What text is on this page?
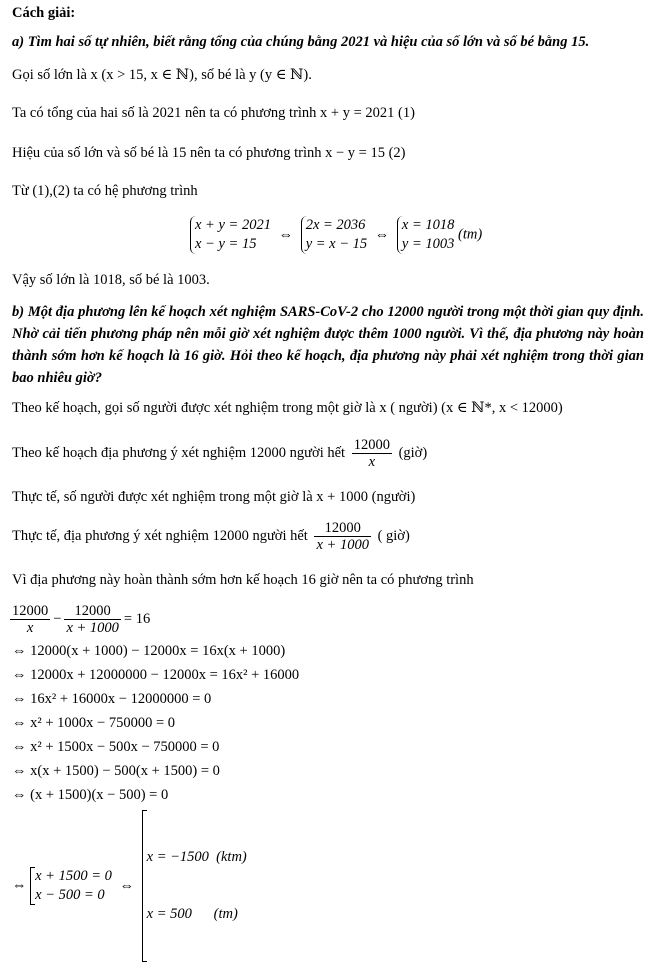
Cách giải:
a) Tìm hai số tự nhiên, biết rằng tổng của chúng bằng 2021 và hiệu của số lớn và số bé bằng 15.
Gọi số lớn là x (x > 15, x ∈ ℕ), số bé là y (y ∈ ℕ).
Ta có tổng của hai số là 2021 nên ta có phương trình x + y = 2021 (1)
Hiệu của số lớn và số bé là 15 nên ta có phương trình x − y = 15 (2)
Từ (1),(2) ta có hệ phương trình
x + y = 2021
x − y = 15
⇔
2x = 2036
y = x − 15
⇔
x = 1018
y = 1003
(tm)
Vậy số lớn là 1018, số bé là 1003.
b) Một địa phương lên kế hoạch xét nghiệm SARS-CoV-2 cho 12000 người trong một thời gian quy định. Nhờ cải tiến phương pháp nên mỗi giờ xét nghiệm được thêm 1000 người. Vì thế, địa phương này hoàn thành sớm hơn kế hoạch là 16 giờ. Hỏi theo kế hoạch, địa phương này phải xét nghiệm trong thời gian bao nhiêu giờ?
Theo kế hoạch, gọi số người được xét nghiệm trong một giờ là x ( người) (x ∈ ℕ*, x < 12000)
Theo kế hoạch địa phương ý xét nghiệm 12000 người hết $\frac{12000}{x}$ (giờ)
Thực tế, số người được xét nghiệm trong một giờ là x + 1000 (người)
Thực tế, địa phương ý xét nghiệm 12000 người hết $\frac{12000}{x + 1000}$ ( giờ)
Vì địa phương này hoàn thành sớm hơn kế hoạch 16 giờ nên ta có phương trình
$\frac{12000}{x} - \frac{12000}{x + 1000} = 16$
⇔ 12000(x + 1000) − 12000x = 16x(x + 1000)
⇔ 12000x + 12000000 − 12000x = 16x² + 16000
⇔ 16x² + 16000x − 12000000 = 0
⇔ x² + 1000x − 750000 = 0
⇔ x² + 1500x − 500x − 750000 = 0
⇔ x(x + 1500) − 500(x + 1500) = 0
⇔ (x + 1500)(x − 500) = 0
⇔
x + 1500 = 0
x − 500 = 0
⇔

x = −1500  (ktm)

x = 500      (tm)
